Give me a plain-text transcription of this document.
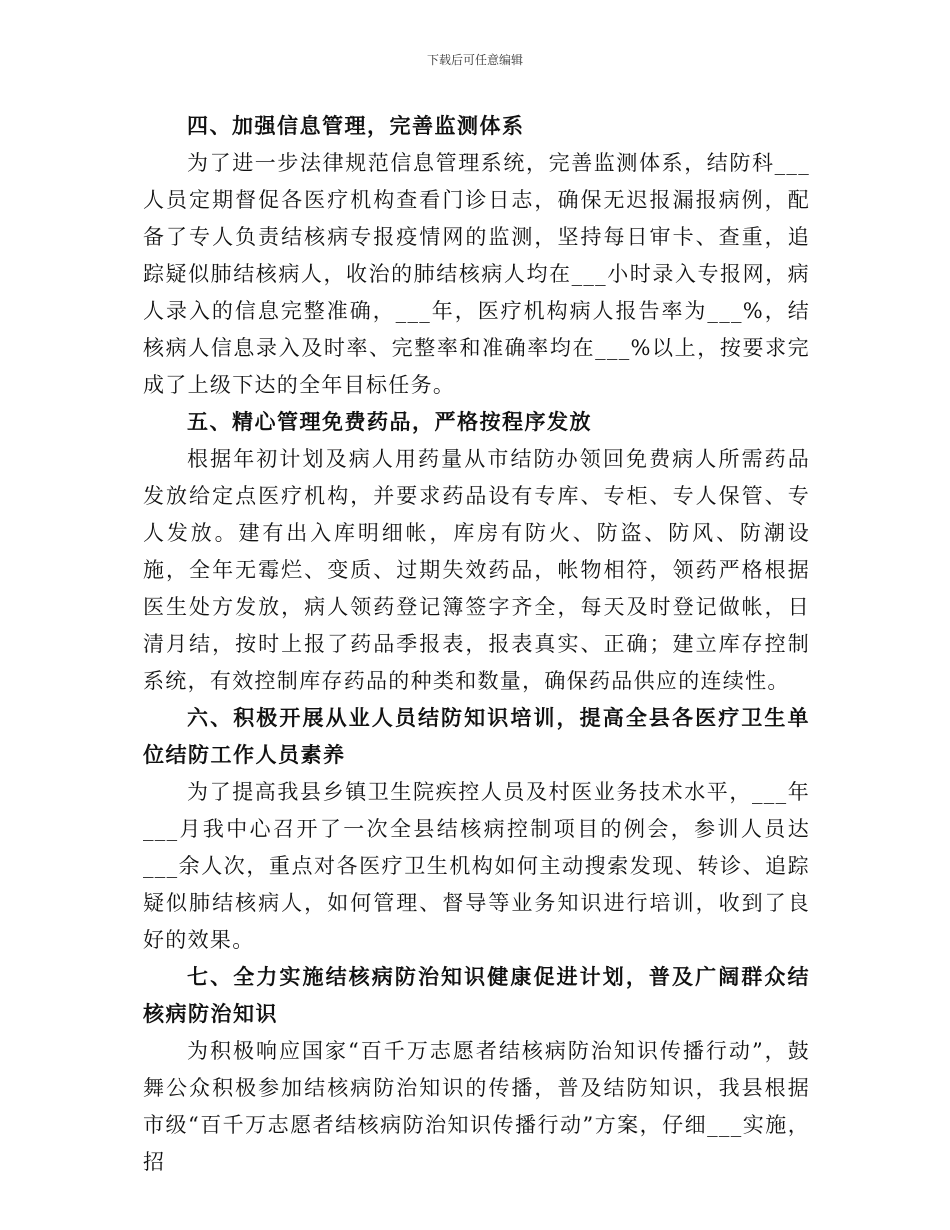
下载后可任意编辑

四、加强信息管理，完善监测体系

为了进一步法律规范信息管理系统，完善监测体系，结防科___人员定期督促各医疗机构查看门诊日志，确保无迟报漏报病例，配备了专人负责结核病专报疫情网的监测，坚持每日审卡、查重，追踪疑似肺结核病人，收治的肺结核病人均在___小时录入专报网，病人录入的信息完整准确，___年，医疗机构病人报告率为___%，结核病人信息录入及时率、完整率和准确率均在___%以上，按要求完成了上级下达的全年目标任务。

五、精心管理免费药品，严格按程序发放

根据年初计划及病人用药量从市结防办领回免费病人所需药品发放给定点医疗机构，并要求药品设有专库、专柜、专人保管、专人发放。建有出入库明细帐，库房有防火、防盗、防风、防潮设施，全年无霉烂、变质、过期失效药品，帐物相符，领药严格根据医生处方发放，病人领药登记簿签字齐全，每天及时登记做帐，日清月结，按时上报了药品季报表，报表真实、正确；建立库存控制系统，有效控制库存药品的种类和数量，确保药品供应的连续性。

六、积极开展从业人员结防知识培训，提高全县各医疗卫生单位结防工作人员素养

为了提高我县乡镇卫生院疾控人员及村医业务技术水平，___年___月我中心召开了一次全县结核病控制项目的例会，参训人员达___余人次，重点对各医疗卫生机构如何主动搜索发现、转诊、追踪疑似肺结核病人，如何管理、督导等业务知识进行培训，收到了良好的效果。

七、全力实施结核病防治知识健康促进计划，普及广阔群众结核病防治知识

为积极响应国家“百千万志愿者结核病防治知识传播行动”，鼓舞公众积极参加结核病防治知识的传播，普及结防知识，我县根据市级“百千万志愿者结核病防治知识传播行动”方案，仔细___实施，招
